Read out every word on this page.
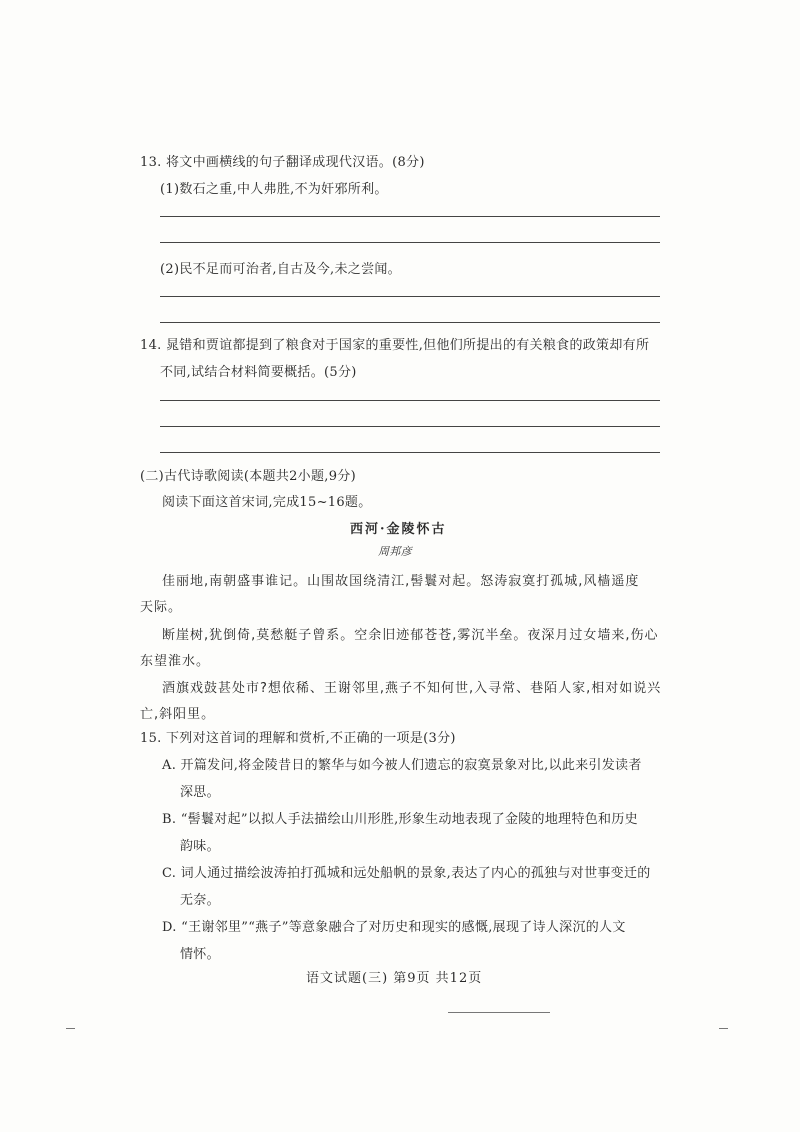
13. 将文中画横线的句子翻译成现代汉语。(8分)
(1)数石之重,中人弗胜,不为奸邪所利。
(2)民不足而可治者,自古及今,未之尝闻。
14. 晁错和贾谊都提到了粮食对于国家的重要性,但他们所提出的有关粮食的政策却有所
不同,试结合材料简要概括。(5分)
(二)古代诗歌阅读(本题共2小题,9分)
阅读下面这首宋词,完成15~16题。
西河·金陵怀古
周邦彦
佳丽地,南朝盛事谁记。山围故国绕清江,髻鬟对起。怒涛寂寞打孤城,风樯遥度
天际。
断崖树,犹倒倚,莫愁艇子曾系。空余旧迹郁苍苍,雾沉半垒。夜深月过女墙来,伤心
东望淮水。
酒旗戏鼓甚处市?想依稀、王谢邻里,燕子不知何世,入寻常、巷陌人家,相对如说兴
亡,斜阳里。
15. 下列对这首词的理解和赏析,不正确的一项是(3分)
A. 开篇发问,将金陵昔日的繁华与如今被人们遗忘的寂寞景象对比,以此来引发读者
深思。
B. “髻鬟对起”以拟人手法描绘山川形胜,形象生动地表现了金陵的地理特色和历史
韵味。
C. 词人通过描绘波涛拍打孤城和远处船帆的景象,表达了内心的孤独与对世事变迁的
无奈。
D. “王谢邻里”“燕子”等意象融合了对历史和现实的感慨,展现了诗人深沉的人文
情怀。
语文试题(三) 第9页 共12页
